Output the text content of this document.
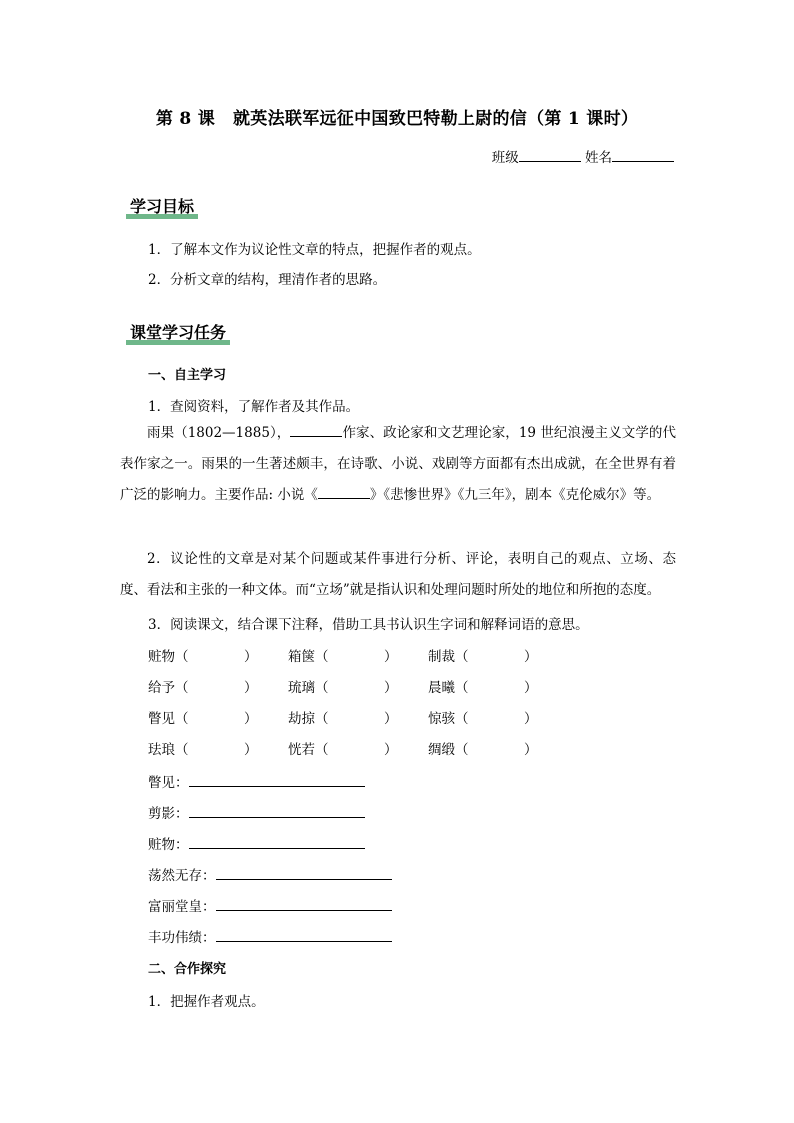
第 8 课 就英法联军远征中国致巴特勒上尉的信（第 1 课时）
班级	姓名
学习目标
1．了解本文作为议论性文章的特点，把握作者的观点。
2．分析文章的结构，理清作者的思路。
课堂学习任务
一、自主学习
1．查阅资料，了解作者及其作品。

雨果（1802—1885），	作家、政论家和文艺理论家，19 世纪浪漫主义文学的代表作家之一。雨果的一生著述颇丰，在诗歌、小说、戏剧等方面都有杰出成就，在全世界有着广泛的影响力。主要作品: 小说《	》《悲惨世界》《九三年》，剧本《克伦威尔》等。

2．议论性的文章是对某个问题或某件事进行分析、评论，表明自己的观点、立场、态度、看法和主张的一种文体。而“立场”就是指认识和处理问题时所处的地位和所抱的态度。

3．阅读课文，结合课下注释，借助工具书认识生字词和解释词语的意思。
赃物（	） 箱箧（	） 制裁（	）
给予（	） 琉璃（	） 晨曦（	）
瞥见（	） 劫掠（	） 惊骇（	）
珐琅（	） 恍若（	） 绸缎（	）
瞥见：
剪影：
赃物：
荡然无存：
富丽堂皇：
丰功伟绩：
二、合作探究
1．把握作者观点。
